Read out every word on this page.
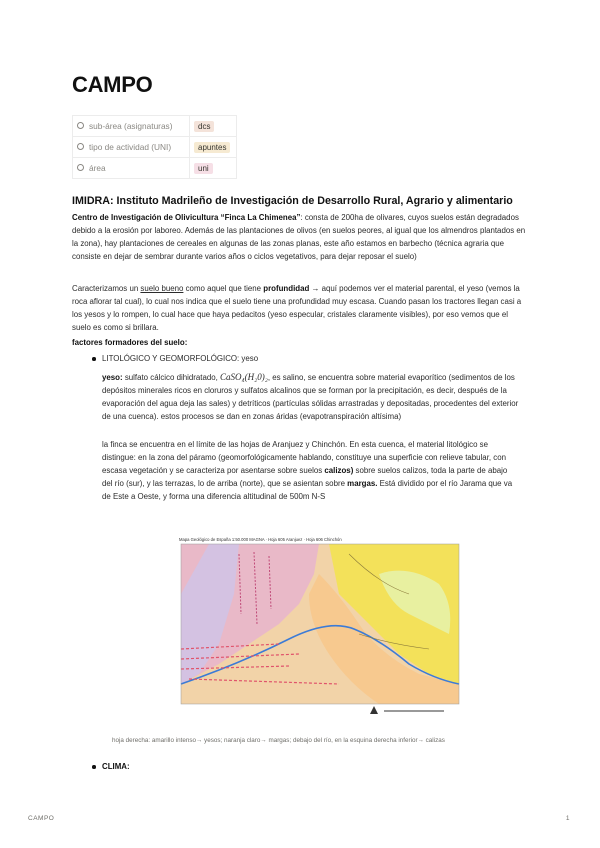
CAMPO
sub-área (asignaturas)	dcs
tipo de actividad (UNI)	apuntes
área	uni
IMIDRA: Instituto Madrileño de Investigación de Desarrollo Rural, Agrario y alimentario

Centro de Investigación de Olivicultura “Finca La Chimenea”: consta de 200ha de olivares, cuyos suelos están degradados debido a la erosión por laboreo. Además de las plantaciones de olivos (en suelos peores, al igual que los almendros plantados en la zona), hay plantaciones de cereales en algunas de las zonas planas, este año estamos en barbecho (técnica agraria que consiste en dejar de sembrar durante varios años o ciclos vegetativos, para dejar reposar el suelo)

Caracterizamos un suelo bueno como aquel que tiene profundidad → aquí podemos ver el material parental, el yeso (vemos la roca aflorar tal cual), lo cual nos indica que el suelo tiene una profundidad muy escasa. Cuando pasan los tractores llegan casi a los yesos y lo rompen, lo cual hace que haya pedacitos (yeso especular, cristales claramente visibles), por eso vemos que el suelo es como si brillara.

factores formadores del suelo:

LITOLÓGICO Y GEOMORFOLÓGICO: yeso

yeso: sulfato cálcico dihidratado, CaSO₄(H₂0)₂, es salino, se encuentra sobre material evaporítico (sedimentos de los depósitos minerales ricos en cloruros y sulfatos alcalinos que se forman por la precipitación, es decir, después de la evaporación del agua deja las sales) y detríticos (partículas sólidas arrastradas y depositadas, procedentes del exterior de una cuenca). estos procesos se dan en zonas áridas (evapotranspiración altísima)

la finca se encuentra en el límite de las hojas de Aranjuez y Chinchón. En esta cuenca, el material litológico se distingue: en la zona del páramo (geomorfológicamente hablando, constituye una superficie con relieve tabular, con escasa vegetación y se caracteriza por asentarse sobre suelos calizos) sobre suelos calizos, toda la parte de abajo del río (sur), y las terrazas, lo de arriba (norte), que se asientan sobre margas. Está dividido por el río Jarama que va de Este a Oeste, y forma una diferencia altitudinal de 500m N-S

Mapa Geológico de España 1:50.000 MAGNA · Hoja 605 Aranjuez · Hoja 606 Chinchón
hoja derecha: amarillo intenso→ yesos; naranja claro→ margas; debajo del río, en la esquina derecha inferior→ calizas

CLIMA:

CAMPO	1
